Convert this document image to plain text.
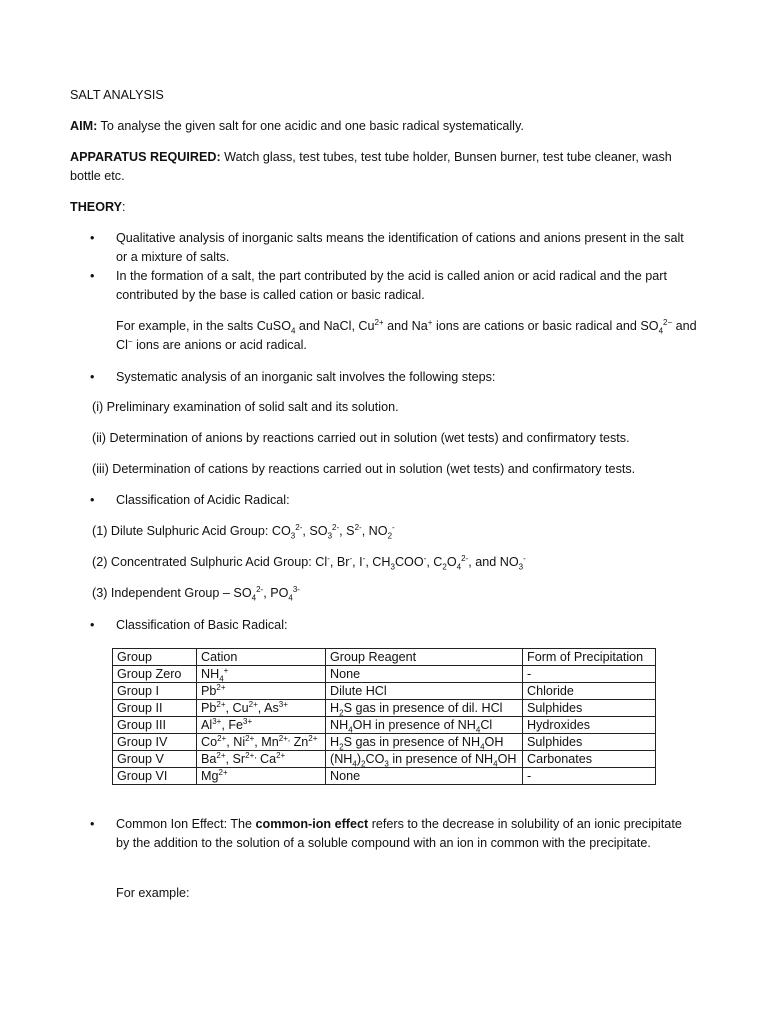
SALT ANALYSIS

AIM: To analyse the given salt for one acidic and one basic radical systematically.

APPARATUS REQUIRED: Watch glass, test tubes, test tube holder, Bunsen burner, test tube cleaner, wash bottle etc.

THEORY:

Qualitative analysis of inorganic salts means the identification of cations and anions present in the salt or a mixture of salts.

In the formation of a salt, the part contributed by the acid is called anion or acid radical and the part contributed by the base is called cation or basic radical.

For example, in the salts CuSO$_4$ and NaCl, $Cu^{2+}$ and Na+ ions are cations or basic radical and $SO_4^{2-}$ and Cl− ions are anions or acid radical.

Systematic analysis of an inorganic salt involves the following steps:

(i) Preliminary examination of solid salt and its solution.

(ii) Determination of anions by reactions carried out in solution (wet tests) and confirmatory tests.

(iii) Determination of cations by reactions carried out in solution (wet tests) and confirmatory tests.

Classification of Acidic Radical:

(1) Dilute Sulphuric Acid Group: $CO_3^{2-}$, $SO_3^{2-}$, $S^{2-}$, $NO_2^-$

(2) Concentrated Sulphuric Acid Group: Cl-, Br-, I-, $CH_3COO^-$, $C_2O_4^{2-}$, and $NO_3^-$

(3) Independent Group – $SO_4^{2-}$, $PO_4^{3-}$

Classification of Basic Radical:

Group	Cation	Group Reagent	Form of Precipitation
Group Zero	$NH_4^+$	None	-
Group I	$Pb^{2+}$	Dilute HCl	Chloride
Group II	$Pb^{2+}$, $Cu^{2+}$, $As^{3+}$	$H_2S$ gas in presence of dil. HCl	Sulphides
Group III	$Al^{3+}$, $Fe^{3+}$	$NH_4OH$ in presence of $NH_4Cl$	Hydroxides
Group IV	$Co^{2+}$, $Ni^{2+}$, $Mn^{2+,}$ $Zn^{2+}$	$H_2S$ gas in presence of $NH_4OH$	Sulphides
Group V	$Ba^{2+}$, $Sr^{2+,}$ $Ca^{2+}$	$(NH_4)_2CO_3$ in presence of $NH_4OH$	Carbonates
Group VI	$Mg^{2+}$	None	-

Common Ion Effect: The common-ion effect refers to the decrease in solubility of an ionic precipitate by the addition to the solution of a soluble compound with an ion in common with the precipitate.

For example:
